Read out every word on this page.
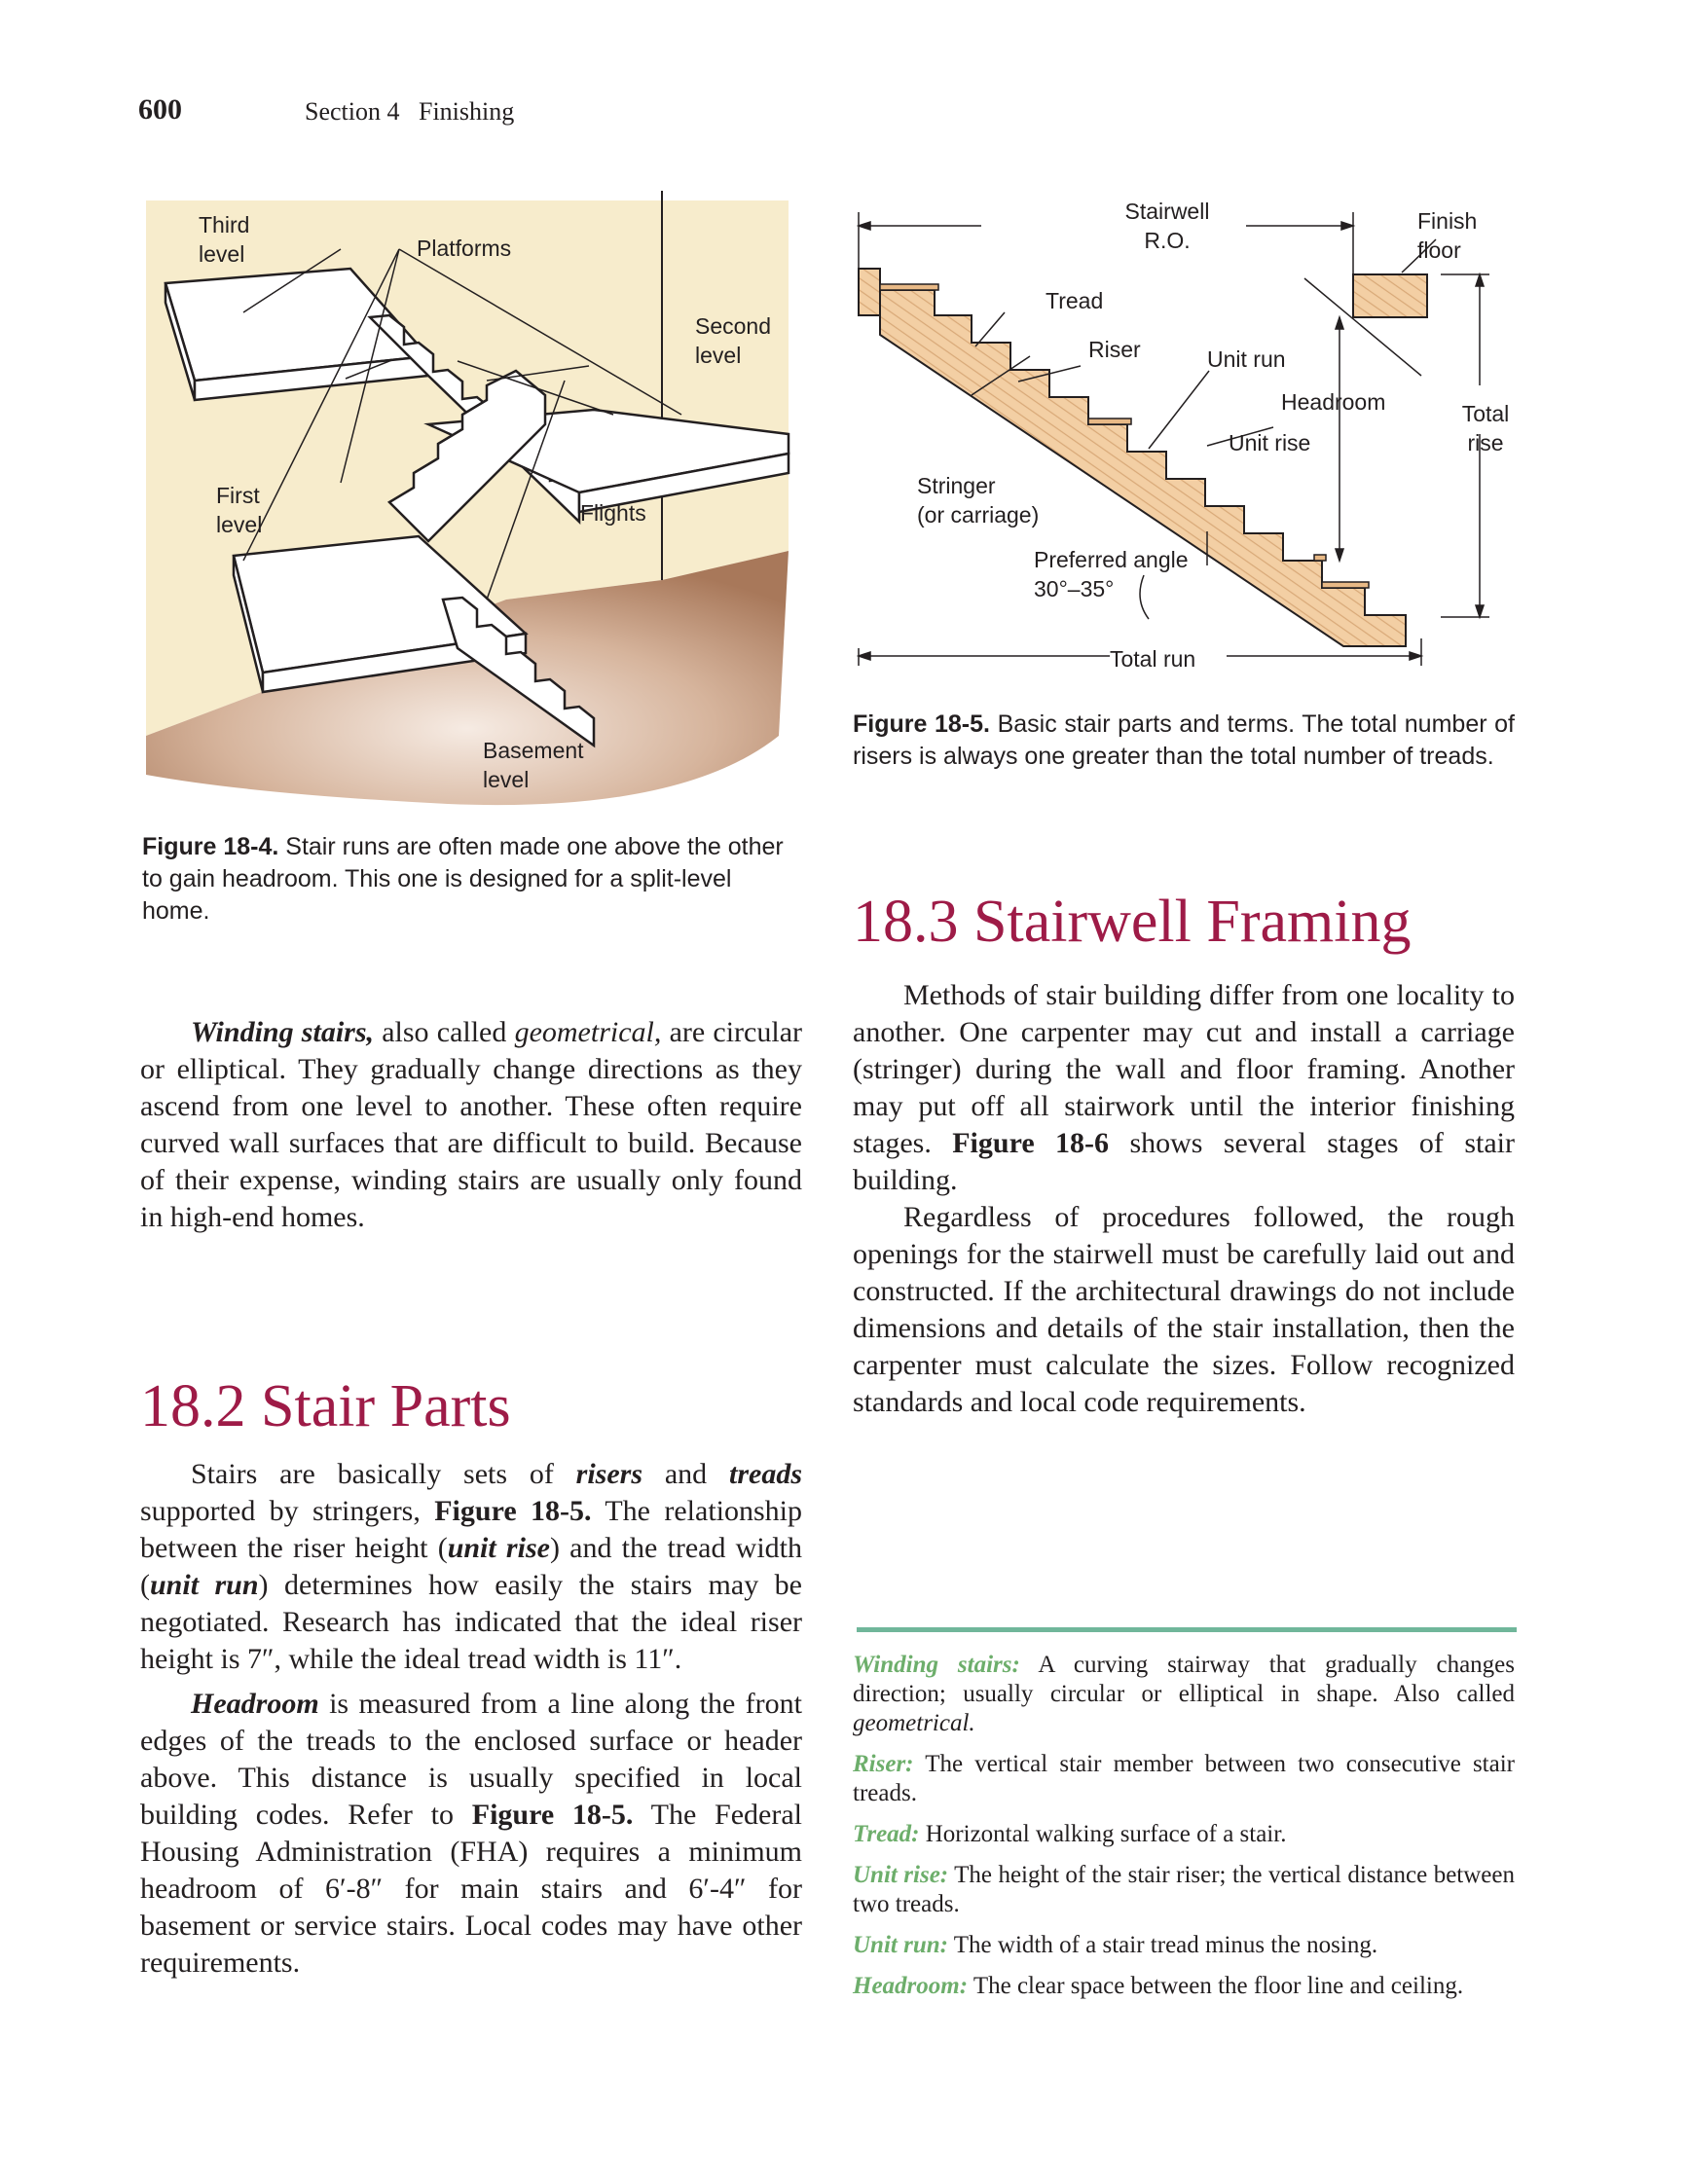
600	Section 4   Finishing
Third
level	Platforms
Second
level
First
level	Flights
Basement
level
Figure 18-4. Stair runs are often made one above the other to gain headroom. This one is designed for a split-level home.
Stairwell
R.O.
Finish
floor
Tread
Riser	Unit run
Headroom	Total
rise
Unit rise
Stringer
(or carriage)
Preferred angle
30°–35°
Total run
Figure 18-5. Basic stair parts and terms. The total number of risers is always one greater than the total number of treads.

Winding stairs, also called geometrical, are circular or elliptical. They gradually change directions as they ascend from one level to another. These often require curved wall surfaces that are difficult to build. Because of their expense, winding stairs are usually only found in high-end homes.

18.2 Stair Parts

Stairs are basically sets of risers and treads supported by stringers, Figure 18-5. The relationship between the riser height (unit rise) and the tread width (unit run) determines how easily the stairs may be negotiated. Research has indicated that the ideal riser height is 7″, while the ideal tread width is 11″.

Headroom is measured from a line along the front edges of the treads to the enclosed surface or header above. This distance is usually specified in local building codes. Refer to Figure 18-5. The Federal Housing Administration (FHA) requires a minimum headroom of 6′-8″ for main stairs and 6′-4″ for basement or service stairs. Local codes may have other requirements.

18.3 Stairwell Framing

Methods of stair building differ from one locality to another. One carpenter may cut and install a carriage (stringer) during the wall and floor framing. Another may put off all stairwork until the interior finishing stages. Figure 18-6 shows several stages of stair building.

Regardless of procedures followed, the rough openings for the stairwell must be carefully laid out and constructed. If the architectural drawings do not include dimensions and details of the stair installation, then the carpenter must calculate the sizes. Follow recognized standards and local code requirements.

Winding stairs: A curving stairway that gradually changes direction; usually circular or elliptical in shape. Also called geometrical.

Riser: The vertical stair member between two consecutive stair treads.

Tread: Horizontal walking surface of a stair.

Unit rise: The height of the stair riser; the vertical distance between two treads.

Unit run: The width of a stair tread minus the nosing.

Headroom: The clear space between the floor line and ceiling.
